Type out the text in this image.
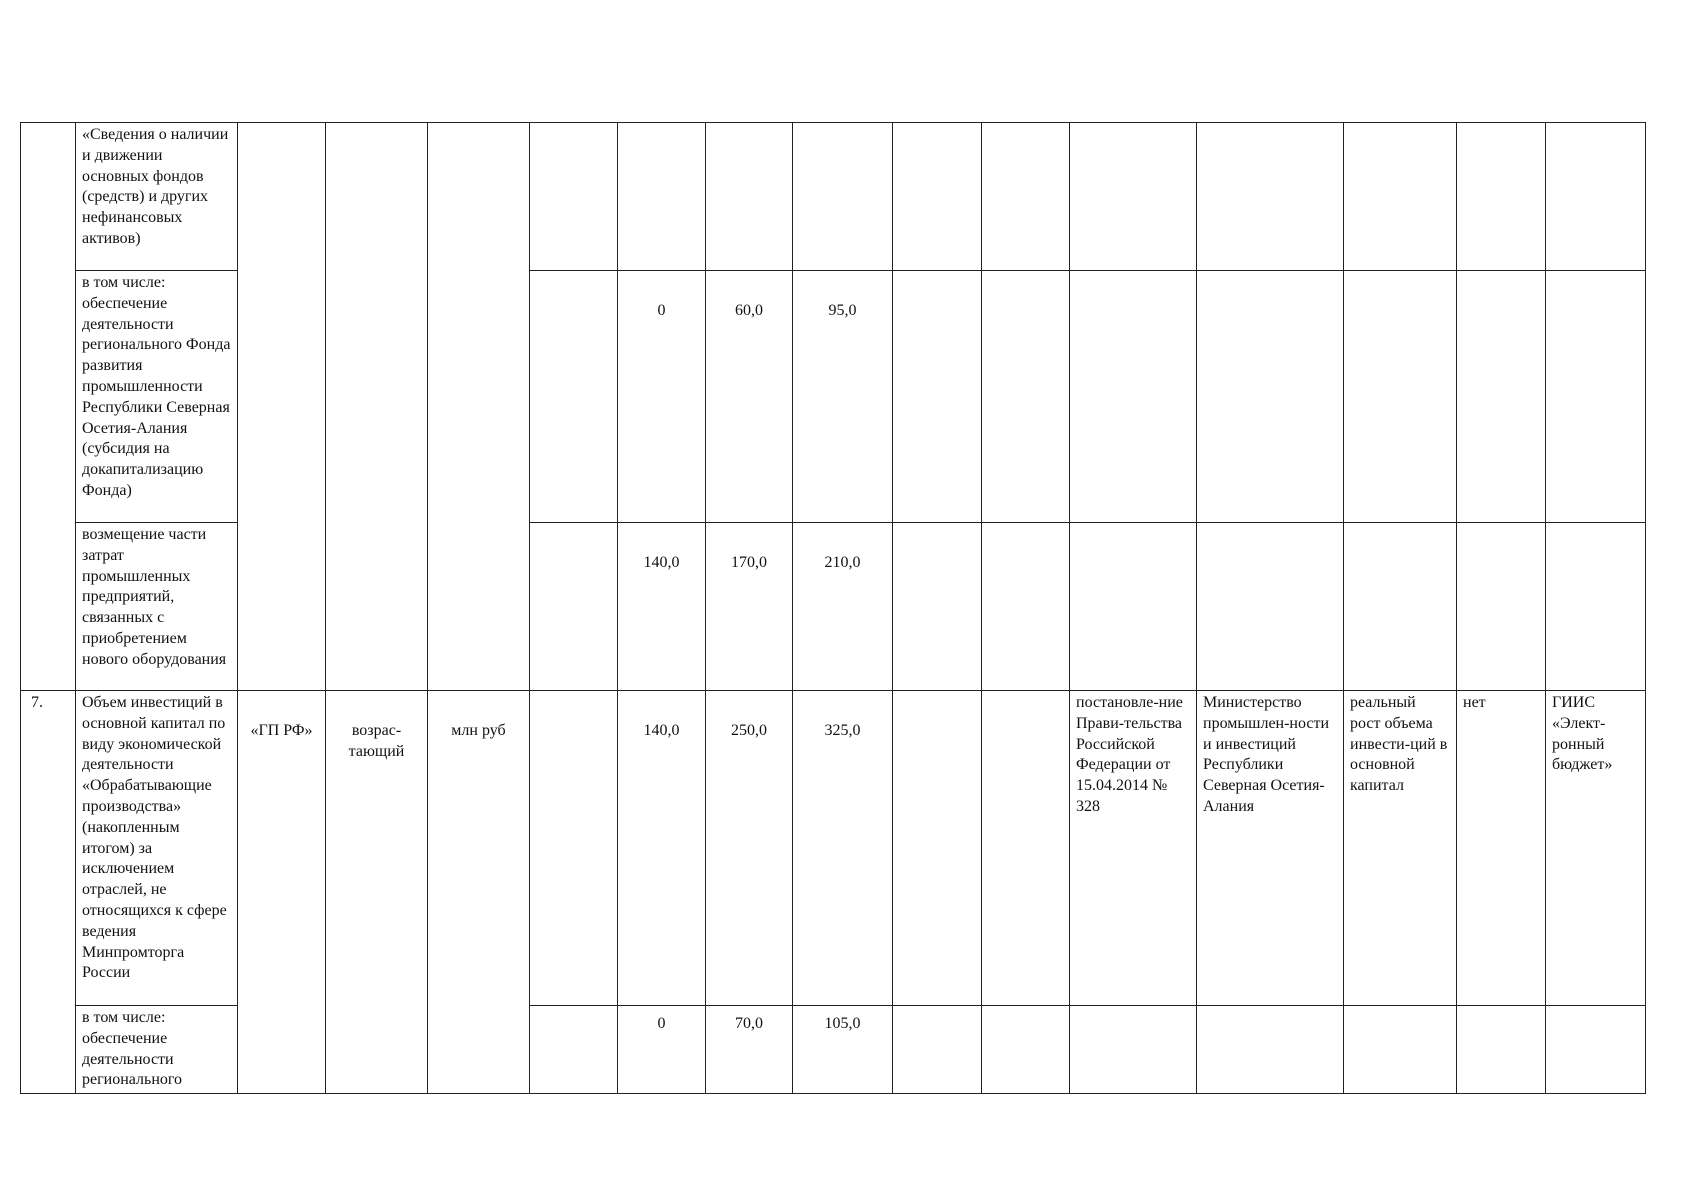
	«Сведения о наличии и движении основных фондов (средств) и других нефинансовых активов)														
	в том числе: обеспечение деятельности регионального Фонда развития промышленности Республики Северная Осетия-Алания (субсидия на докапитализацию Фонда)					0	60,0	95,0							
	возмещение части затрат промышленных предприятий, связанных с приобретением нового оборудования					140,0	170,0	210,0							
7.	Объем инвестиций в основной капитал по виду экономической деятельности «Обрабатывающие производства» (накопленным итогом) за исключением отраслей, не относящихся к сфере ведения Минпромторга России	«ГП РФ»	возрас-тающий	млн руб		140,0	250,0	325,0			постановле-ние Прави-тельства Российской Федерации от 15.04.2014 № 328	Министерство промышлен-ности и инвестиций Республики Северная Осетия-Алания	реальный рост объема инвести-ций в основной капитал	нет	ГИИС «Элект-ронный бюджет»
	в том числе: обеспечение деятельности регионального					0	70,0	105,0							
